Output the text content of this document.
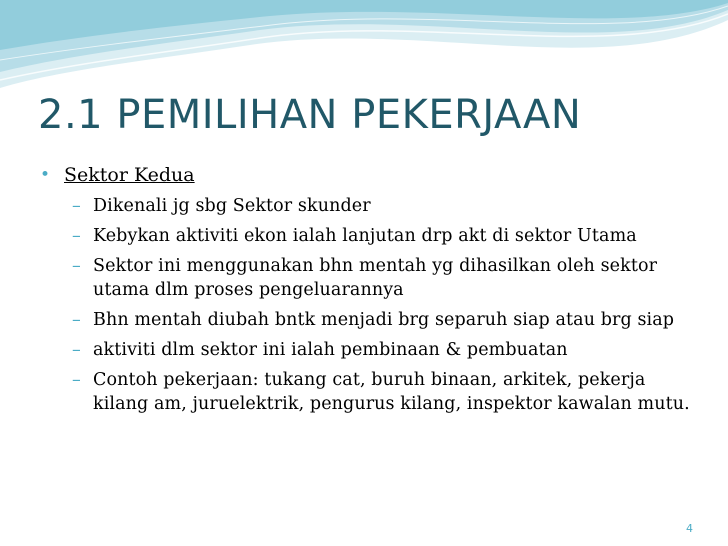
2.1 PEMILIHAN PEKERJAAN
• Sektor Kedua
– Dikenali jg sbg Sektor skunder
– Kebykan aktiviti ekon ialah lanjutan drp akt di sektor Utama
– Sektor ini menggunakan bhn mentah yg dihasilkan oleh sektor utama dlm proses pengeluarannya
– Bhn mentah diubah bntk menjadi brg separuh siap atau brg siap
– aktiviti dlm sektor ini ialah pembinaan & pembuatan
– Contoh pekerjaan: tukang cat, buruh binaan, arkitek, pekerja kilang am, juruelektrik, pengurus kilang, inspektor kawalan mutu.
4
